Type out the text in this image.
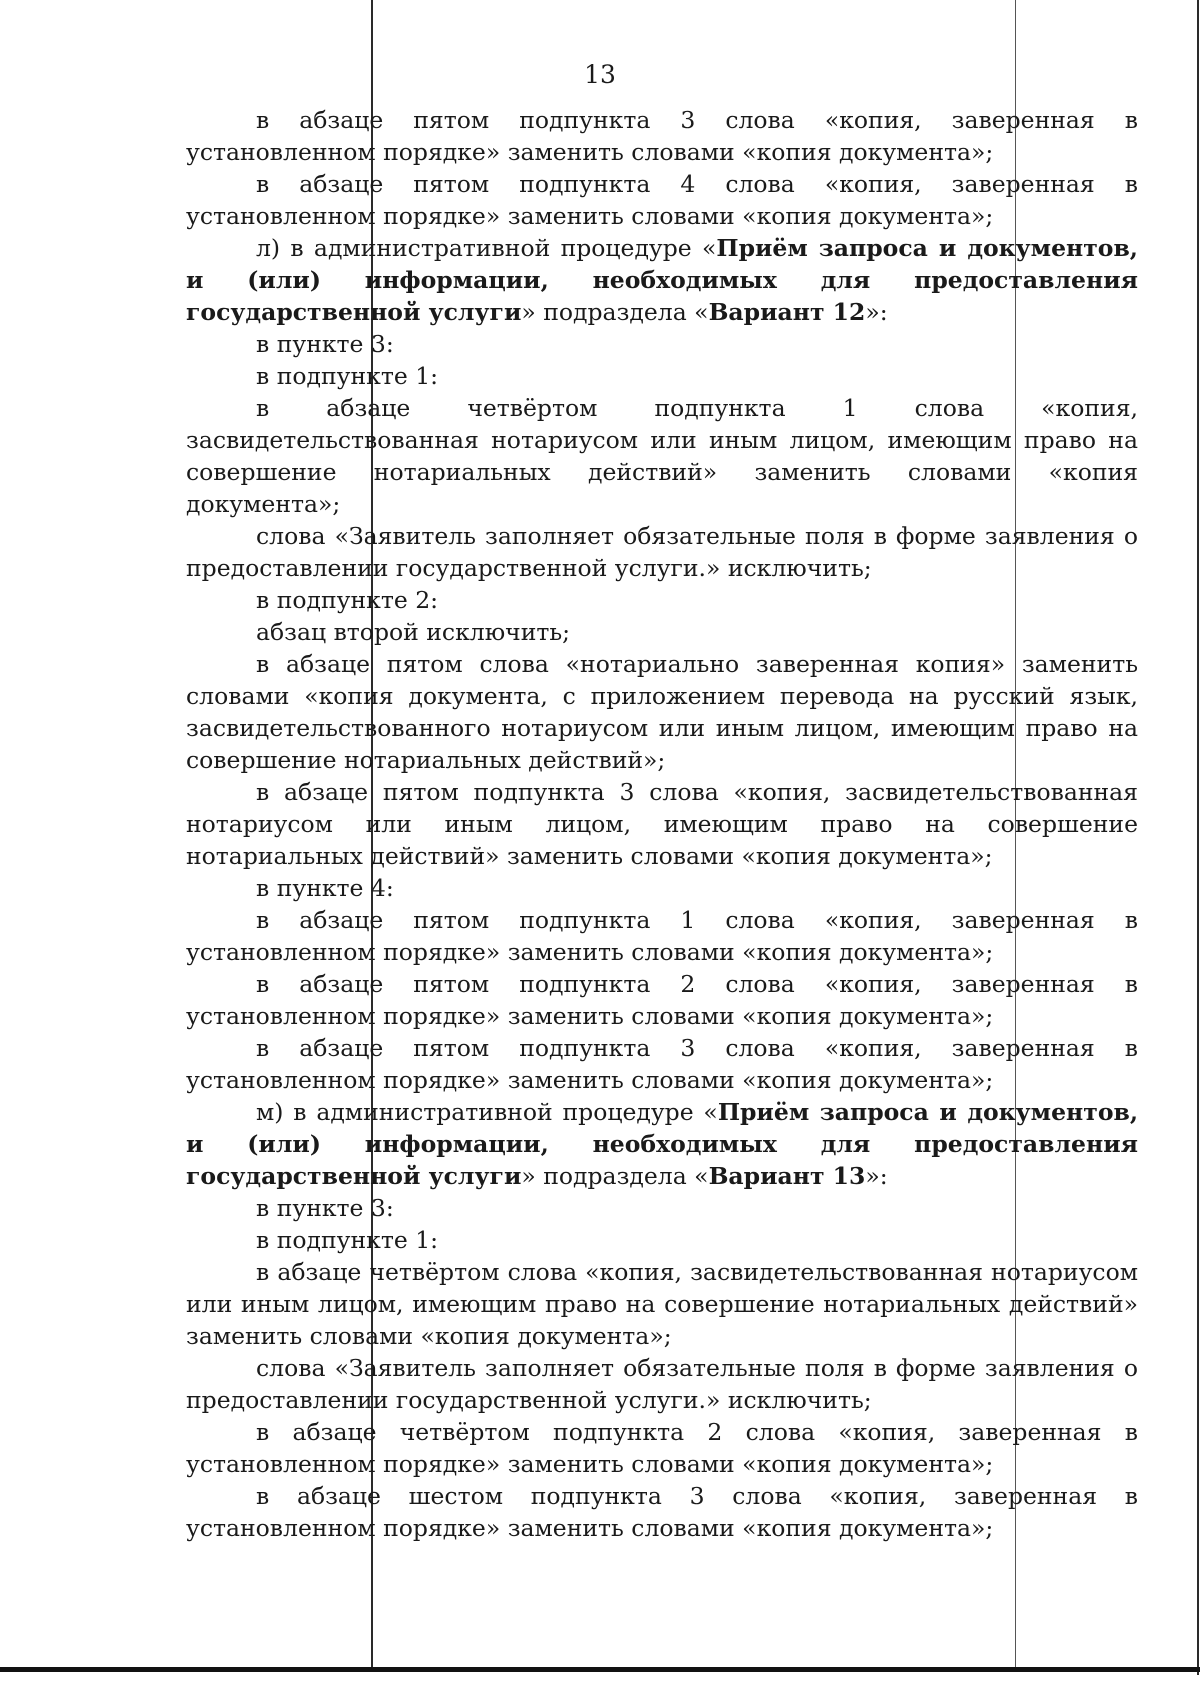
13

в абзаце пятом подпункта 3 слова «копия, заверенная в установленном порядке» заменить словами «копия документа»;

в абзаце пятом подпункта 4 слова «копия, заверенная в установленном порядке» заменить словами «копия документа»;

л) в административной процедуре «Приём запроса и документов, и (или) информации, необходимых для предоставления государственной услуги» подраздела «Вариант 12»:

в пункте 3:

в подпункте 1:

в абзаце четвёртом подпункта 1 слова «копия, засвидетельствованная нотариусом или иным лицом, имеющим право на совершение нотариальных действий» заменить словами «копия документа»;

слова «Заявитель заполняет обязательные поля в форме заявления о предоставлении государственной услуги.» исключить;

в подпункте 2:

абзац второй исключить;

в абзаце пятом слова «нотариально заверенная копия» заменить словами «копия документа, с приложением перевода на русский язык, засвидетельствованного нотариусом или иным лицом, имеющим право на совершение нотариальных действий»;

в абзаце пятом подпункта 3 слова «копия, засвидетельствованная нотариусом или иным лицом, имеющим право на совершение нотариальных действий» заменить словами «копия документа»;

в пункте 4:

в абзаце пятом подпункта 1 слова «копия, заверенная в установленном порядке» заменить словами «копия документа»;

в абзаце пятом подпункта 2 слова «копия, заверенная в установленном порядке» заменить словами «копия документа»;

в абзаце пятом подпункта 3 слова «копия, заверенная в установленном порядке» заменить словами «копия документа»;

м) в административной процедуре «Приём запроса и документов, и (или) информации, необходимых для предоставления государственной услуги» подраздела «Вариант 13»:

в пункте 3:

в подпункте 1:

в абзаце четвёртом слова «копия, засвидетельствованная нотариусом или иным лицом, имеющим право на совершение нотариальных действий» заменить словами «копия документа»;

слова «Заявитель заполняет обязательные поля в форме заявления о предоставлении государственной услуги.» исключить;

в абзаце четвёртом подпункта 2 слова «копия, заверенная в установленном порядке» заменить словами «копия документа»;

в абзаце шестом подпункта 3 слова «копия, заверенная в установленном порядке» заменить словами «копия документа»;
